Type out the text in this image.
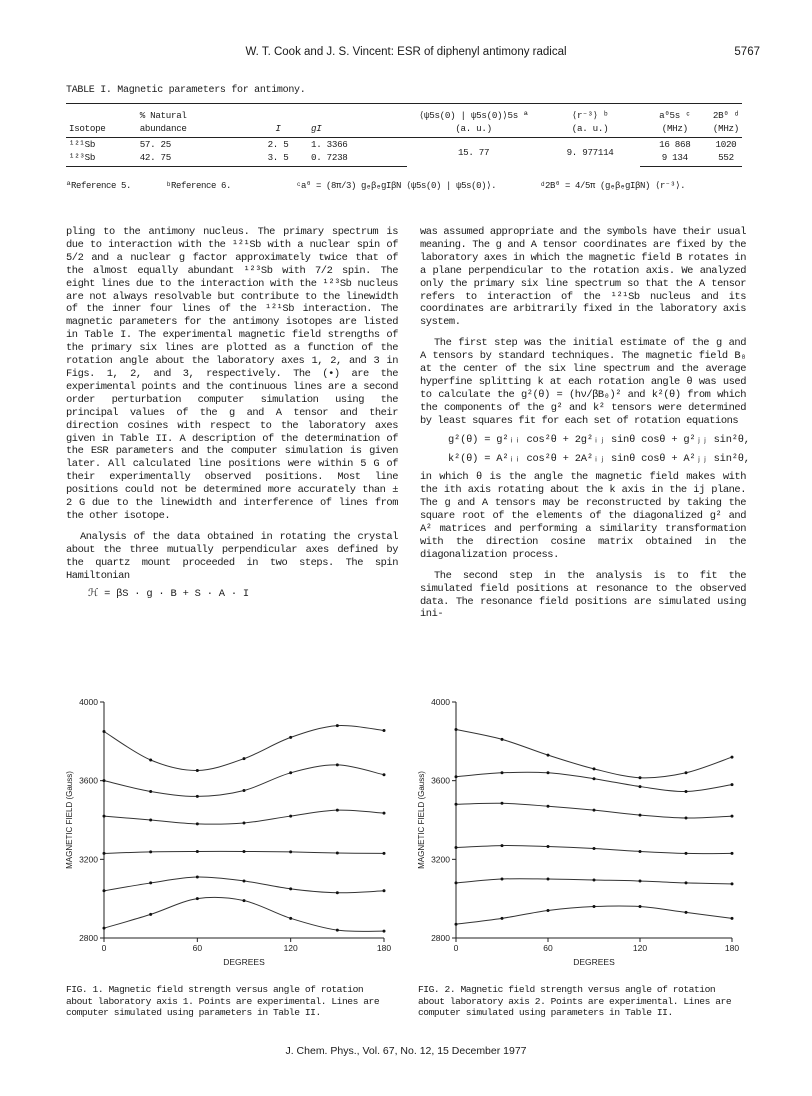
W. T. Cook and J. S. Vincent: ESR of diphenyl antimony radical	5767
TABLE I. Magnetic parameters for antimony.
	% Natural			⟨ψ5s(0) | ψ5s(0)⟩5s ª	⟨r⁻³⟩ ᵇ	a⁰5s ᶜ	2B⁰ ᵈ
Isotope	abundance	I	gI	(a. u.)	(a. u.)	(MHz)	(MHz)
¹²¹Sb	57. 25	2. 5	1. 3366	15. 77	9. 977114	16 868	1020
¹²³Sb	42. 75	3. 5	0. 7238			9 134	552
ªReference 5.	ᵇReference 6.	ᶜa⁰ = (8π/3) gₑβₑgIβN ⟨ψ5s(0) | ψ5s(0)⟩.	ᵈ2B⁰ = 4/5π (gₑβₑgIβN) ⟨r⁻³⟩.

pling to the antimony nucleus. The primary spectrum is due to interaction with the ¹²¹Sb with a nuclear spin of 5/2 and a nuclear g factor approximately twice that of the almost equally abundant ¹²³Sb with 7/2 spin. The eight lines due to the interaction with the ¹²³Sb nucleus are not always resolvable but contribute to the linewidth of the inner four lines of the ¹²¹Sb interaction. The magnetic parameters for the antimony isotopes are listed in Table I. The experimental magnetic field strengths of the primary six lines are plotted as a function of the rotation angle about the laboratory axes 1, 2, and 3 in Figs. 1, 2, and 3, respectively. The (•) are the experimental points and the continuous lines are a second order perturbation computer simulation using the principal values of the g and A tensor and their direction cosines with respect to the laboratory axes given in Table II. A description of the determination of the ESR parameters and the computer simulation is given later. All calculated line positions were within 5 G of their experimentally observed positions. Most line positions could not be determined more accurately than ± 2 G due to the linewidth and interference of lines from the other isotope.

Analysis of the data obtained in rotating the crystal about the three mutually perpendicular axes defined by the quartz mount proceeded in two steps. The spin Hamiltonian

ℋ = βS · g · B + S · A · I

was assumed appropriate and the symbols have their usual meaning. The g and A tensor coordinates are fixed by the laboratory axes in which the magnetic field B rotates in a plane perpendicular to the rotation axis. We analyzed only the primary six line spectrum so that the A tensor refers to interaction of the ¹²¹Sb nucleus and its coordinates are arbitrarily fixed in the laboratory axis system.

The first step was the initial estimate of the g and A tensors by standard techniques. The magnetic field B₀ at the center of the six line spectrum and the average hyperfine splitting k at each rotation angle θ was used to calculate the g²(θ) = (hν/βB₀)² and k²(θ) from which the components of the g² and k² tensors were determined by least squares fit for each set of rotation equations

g²(θ) = g²ᵢᵢ cos²θ + 2g²ᵢⱼ sinθ cosθ + g²ⱼⱼ sin²θ,

k²(θ) = A²ᵢᵢ cos²θ + 2A²ᵢⱼ sinθ cosθ + A²ⱼⱼ sin²θ,

in which θ is the angle the magnetic field makes with the ith axis rotating about the k axis in the ij plane. The g and A tensors may be reconstructed by taking the square root of the elements of the diagonalized g² and A² matrices and performing a similarity transformation with the direction cosine matrix obtained in the diagonalization process.

The second step in the analysis is to fit the simulated field positions at resonance to the observed data. The resonance field positions are simulated using ini-

2800
3200
3600
4000
0	60	120	180
DEGREES
MAGNETIC FIELD (Gauss)
2800
3200
3600
4000
0	60	120	180
DEGREES
MAGNETIC FIELD (Gauss)
FIG. 1. Magnetic field strength versus angle of rotation about laboratory axis 1. Points are experimental. Lines are computer simulated using parameters in Table II.
FIG. 2. Magnetic field strength versus angle of rotation about laboratory axis 2. Points are experimental. Lines are computer simulated using parameters in Table II.
J. Chem. Phys., Vol. 67, No. 12, 15 December 1977
